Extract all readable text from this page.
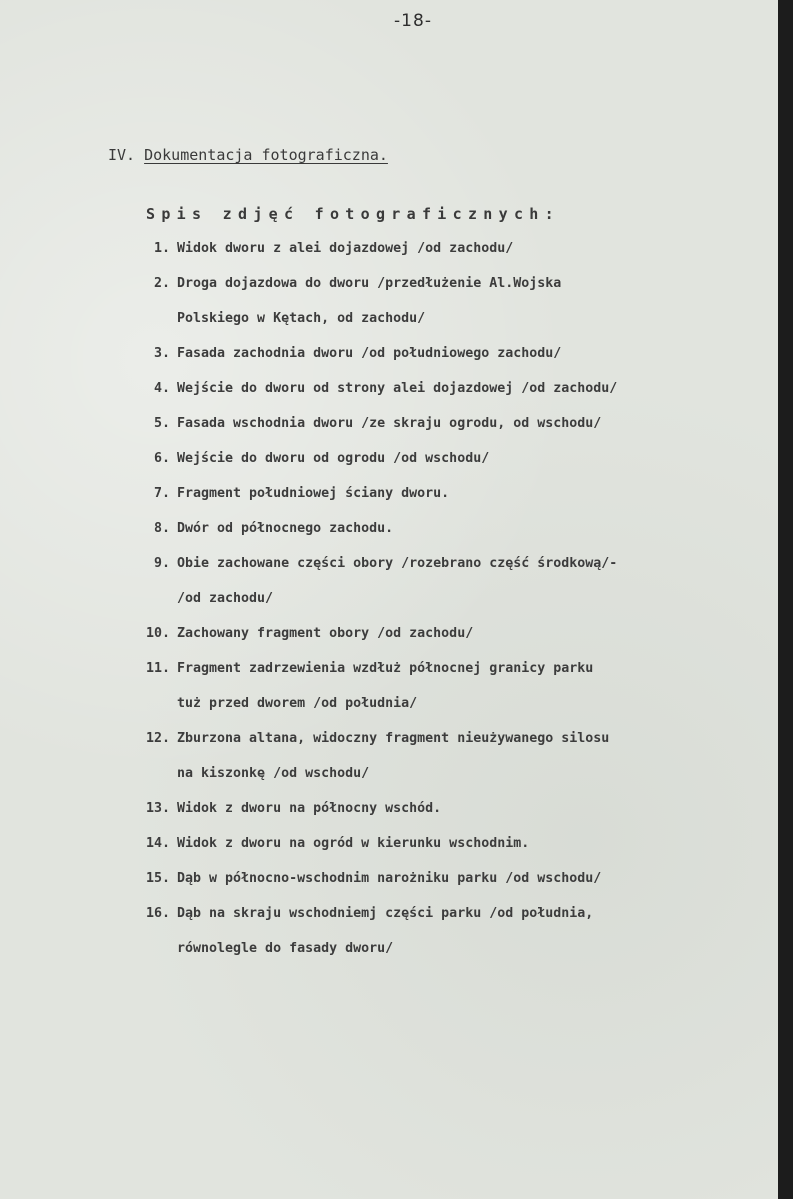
-18-
IV. Dokumentacja fotograficzna.
Spis zdjęć fotograficznych:
1. Widok dworu z alei dojazdowej /od zachodu/
2. Droga dojazdowa do dworu /przedłużenie Al.Wojska
Polskiego w Kętach, od zachodu/
3. Fasada zachodnia dworu /od południowego zachodu/
4. Wejście do dworu od strony alei dojazdowej /od zachodu/
5. Fasada wschodnia dworu /ze skraju ogrodu, od wschodu/
6. Wejście do dworu od ogrodu /od wschodu/
7. Fragment południowej ściany dworu.
8. Dwór od północnego zachodu.
9. Obie zachowane części obory /rozebrano część środkową/-
/od zachodu/
10. Zachowany fragment obory /od zachodu/
11. Fragment zadrzewienia wzdłuż północnej granicy parku
tuż przed dworem /od południa/
12. Zburzona altana, widoczny fragment nieużywanego silosu
na kiszonkę /od wschodu/
13. Widok z dworu na północny wschód.
14. Widok z dworu na ogród w kierunku wschodnim.
15. Dąb w północno-wschodnim narożniku parku /od wschodu/
16. Dąb na skraju wschodniemj części parku /od południa,
równolegle do fasady dworu/
